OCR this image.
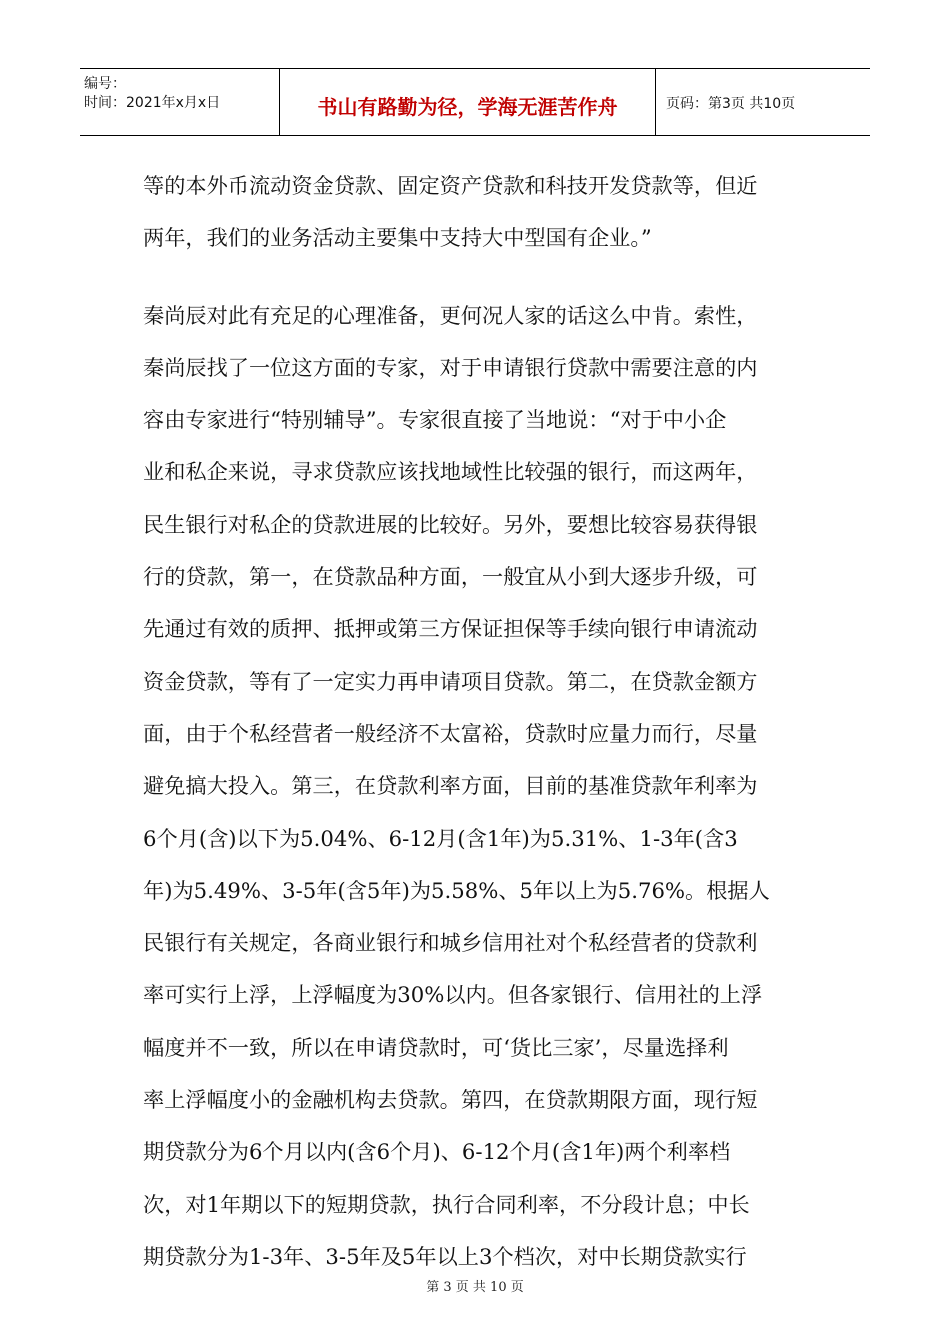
编号：
时间：2021年x月x日	书山有路勤为径，学海无涯苦作舟	页码：第3页 共10页
等的本外币流动资金贷款、固定资产贷款和科技开发贷款等，但近
两年，我们的业务活动主要集中支持大中型国有企业。”
秦尚辰对此有充足的心理准备，更何况人家的话这么中肯。索性，
秦尚辰找了一位这方面的专家，对于申请银行贷款中需要注意的内
容由专家进行“特别辅导”。专家很直接了当地说：“对于中小企
业和私企来说，寻求贷款应该找地域性比较强的银行，而这两年，
民生银行对私企的贷款进展的比较好。另外，要想比较容易获得银
行的贷款，第一，在贷款品种方面，一般宜从小到大逐步升级，可
先通过有效的质押、抵押或第三方保证担保等手续向银行申请流动
资金贷款，等有了一定实力再申请项目贷款。第二，在贷款金额方
面，由于个私经营者一般经济不太富裕，贷款时应量力而行，尽量
避免搞大投入。第三，在贷款利率方面，目前的基准贷款年利率为
6个月(含)以下为5.04%、6-12月(含1年)为5.31%、1-3年(含3
年)为5.49%、3-5年(含5年)为5.58%、5年以上为5.76%。根据人
民银行有关规定，各商业银行和城乡信用社对个私经营者的贷款利
率可实行上浮，上浮幅度为30%以内。但各家银行、信用社的上浮
幅度并不一致，所以在申请贷款时，可‘货比三家’，尽量选择利
率上浮幅度小的金融机构去贷款。第四，在贷款期限方面，现行短
期贷款分为6个月以内(含6个月)、6-12个月(含1年)两个利率档
次，对1年期以下的短期贷款，执行合同利率，不分段计息；中长
期贷款分为1-3年、3-5年及5年以上3个档次，对中长期贷款实行
第 3 页 共 10 页
